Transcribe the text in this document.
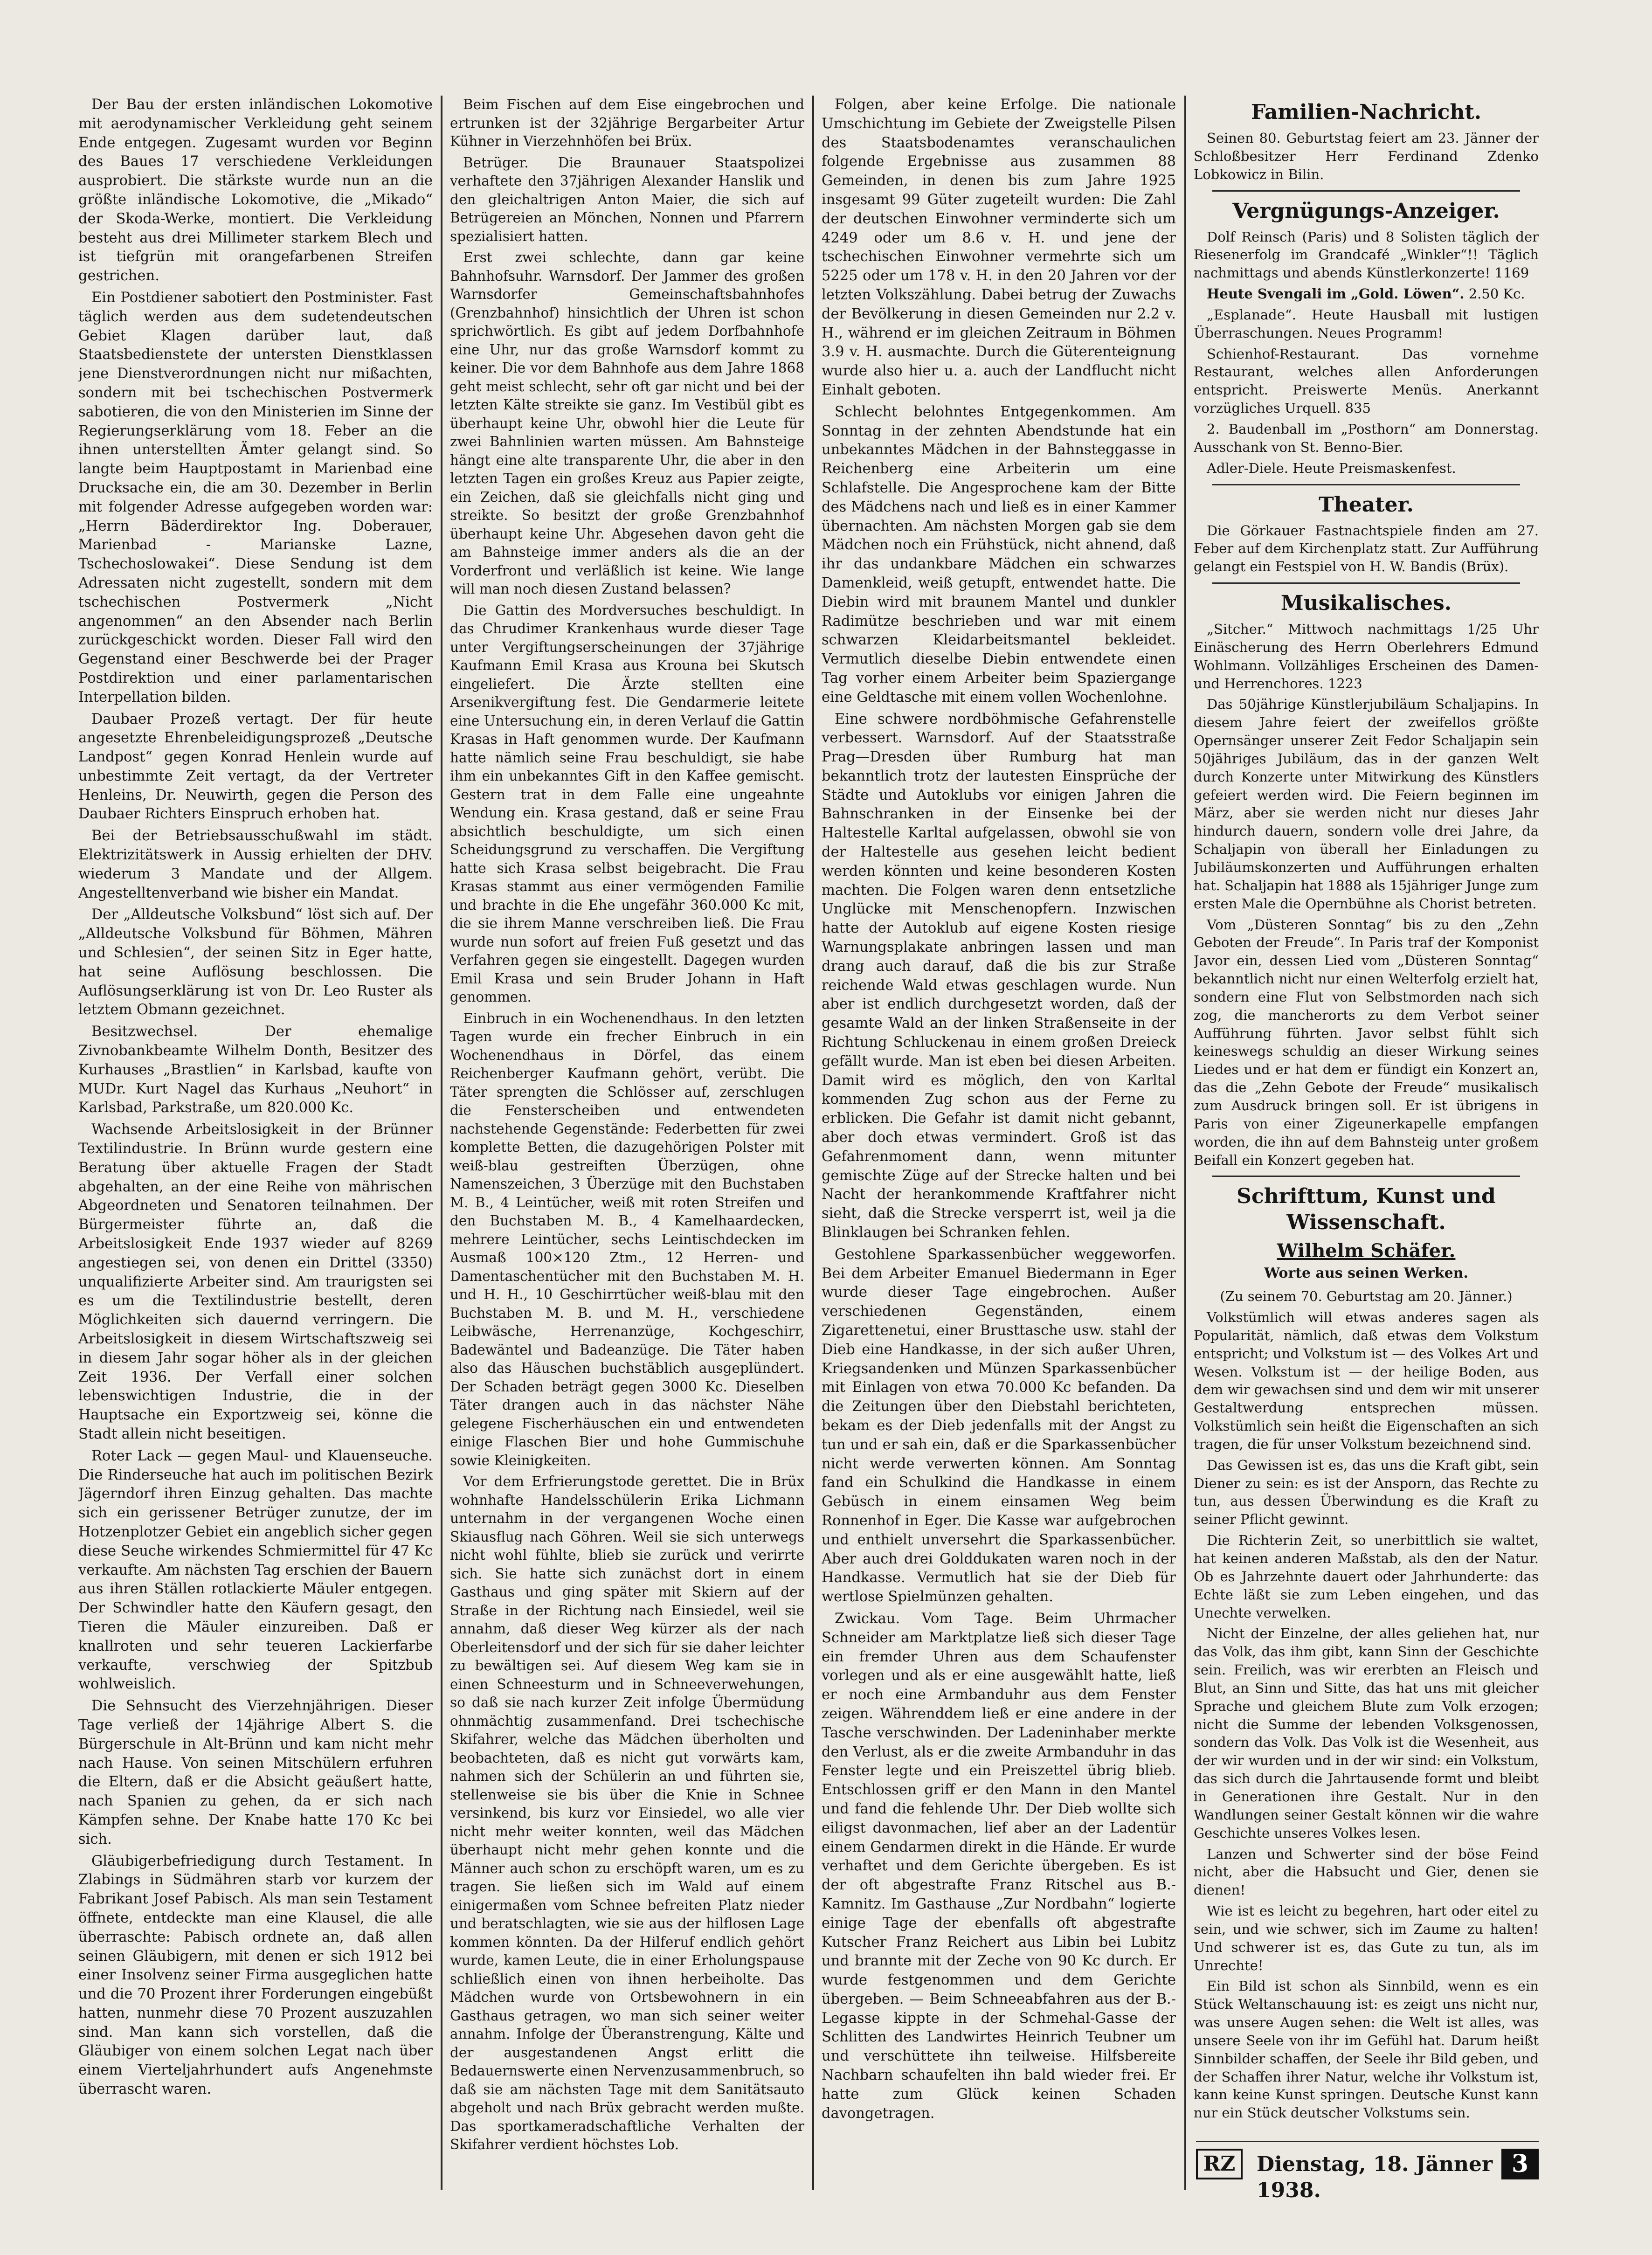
Der Bau der ersten inländischen Lokomotive mit aerodynamischer Verkleidung geht seinem Ende entgegen. Zugesamt wurden vor Beginn des Baues 17 verschiedene Verkleidungen ausprobiert. Die stärkste wurde nun an die größte inländische Lokomotive, die „Mikado“ der Skoda-Werke, montiert. Die Verkleidung besteht aus drei Millimeter starkem Blech und ist tiefgrün mit orangefarbenen Streifen gestrichen.

Ein Postdiener sabotiert den Postminister. Fast täglich werden aus dem sudetendeutschen Gebiet Klagen darüber laut, daß Staatsbedienstete der untersten Dienstklassen jene Dienstverordnungen nicht nur mißachten, sondern mit bei tschechischen Postvermerk sabotieren, die von den Ministerien im Sinne der Regierungserklärung vom 18. Feber an die ihnen unterstellten Ämter gelangt sind. So langte beim Hauptpostamt in Marienbad eine Drucksache ein, die am 30. Dezember in Berlin mit folgender Adresse aufgegeben worden war: „Herrn Bäderdirektor Ing. Doberauer, Marienbad - Marianske Lazne, Tschechoslowakei“. Diese Sendung ist dem Adressaten nicht zugestellt, sondern mit dem tschechischen Postvermerk „Nicht angenommen“ an den Absender nach Berlin zurückgeschickt worden. Dieser Fall wird den Gegenstand einer Beschwerde bei der Prager Postdirektion und einer parlamentarischen Interpellation bilden.

Daubaer Prozeß vertagt. Der für heute angesetzte Ehrenbeleidigungsprozeß „Deutsche Landpost“ gegen Konrad Henlein wurde auf unbestimmte Zeit vertagt, da der Vertreter Henleins, Dr. Neuwirth, gegen die Person des Daubaer Richters Einspruch erhoben hat.

Bei der Betriebsausschußwahl im städt. Elektrizitätswerk in Aussig erhielten der DHV. wiederum 3 Mandate und der Allgem. Angestelltenverband wie bisher ein Mandat.

Der „Alldeutsche Volksbund“ löst sich auf. Der „Alldeutsche Volksbund für Böhmen, Mähren und Schlesien“, der seinen Sitz in Eger hatte, hat seine Auflösung beschlossen. Die Auflösungserklärung ist von Dr. Leo Ruster als letztem Obmann gezeichnet.

Besitzwechsel. Der ehemalige Zivnobankbeamte Wilhelm Donth, Besitzer des Kurhauses „Brastlien“ in Karlsbad, kaufte von MUDr. Kurt Nagel das Kurhaus „Neuhort“ in Karlsbad, Parkstraße, um 820.000 Kc.

Wachsende Arbeitslosigkeit in der Brünner Textilindustrie. In Brünn wurde gestern eine Beratung über aktuelle Fragen der Stadt abgehalten, an der eine Reihe von mährischen Abgeordneten und Senatoren teilnahmen. Der Bürgermeister führte an, daß die Arbeitslosigkeit Ende 1937 wieder auf 8269 angestiegen sei, von denen ein Drittel (3350) unqualifizierte Arbeiter sind. Am traurigsten sei es um die Textilindustrie bestellt, deren Möglichkeiten sich dauernd verringern. Die Arbeitslosigkeit in diesem Wirtschaftszweig sei in diesem Jahr sogar höher als in der gleichen Zeit 1936. Der Verfall einer solchen lebenswichtigen Industrie, die in der Hauptsache ein Exportzweig sei, könne die Stadt allein nicht beseitigen.

Roter Lack — gegen Maul- und Klauenseuche. Die Rinderseuche hat auch im politischen Bezirk Jägerndorf ihren Einzug gehalten. Das machte sich ein gerissener Betrüger zunutze, der im Hotzenplotzer Gebiet ein angeblich sicher gegen diese Seuche wirkendes Schmiermittel für 47 Kc verkaufte. Am nächsten Tag erschien der Bauern aus ihren Ställen rotlackierte Mäuler entgegen. Der Schwindler hatte den Käufern gesagt, den Tieren die Mäuler einzureiben. Daß er knallroten und sehr teueren Lackierfarbe verkaufte, verschwieg der Spitzbub wohlweislich.

Die Sehnsucht des Vierzehnjährigen. Dieser Tage verließ der 14jährige Albert S. die Bürgerschule in Alt-Brünn und kam nicht mehr nach Hause. Von seinen Mitschülern erfuhren die Eltern, daß er die Absicht geäußert hatte, nach Spanien zu gehen, da er sich nach Kämpfen sehne. Der Knabe hatte 170 Kc bei sich.

Gläubigerbefriedigung durch Testament. In Zlabings in Südmähren starb vor kurzem der Fabrikant Josef Pabisch. Als man sein Testament öffnete, entdeckte man eine Klausel, die alle überraschte: Pabisch ordnete an, daß allen seinen Gläubigern, mit denen er sich 1912 bei einer Insolvenz seiner Firma ausgeglichen hatte und die 70 Prozent ihrer Forderungen eingebüßt hatten, nunmehr diese 70 Prozent auszuzahlen sind. Man kann sich vorstellen, daß die Gläubiger von einem solchen Legat nach über einem Vierteljahrhundert aufs Angenehmste überrascht waren.

Beim Fischen auf dem Eise eingebrochen und ertrunken ist der 32jährige Bergarbeiter Artur Kühner in Vierzehnhöfen bei Brüx.

Betrüger. Die Braunauer Staatspolizei verhaftete den 37jährigen Alexander Hanslik und den gleichaltrigen Anton Maier, die sich auf Betrügereien an Mönchen, Nonnen und Pfarrern spezialisiert hatten.

Erst zwei schlechte, dann gar keine Bahnhofsuhr. Warnsdorf. Der Jammer des großen Warnsdorfer Gemeinschaftsbahnhofes (Grenzbahnhof) hinsichtlich der Uhren ist schon sprichwörtlich. Es gibt auf jedem Dorfbahnhofe eine Uhr, nur das große Warnsdorf kommt zu keiner. Die vor dem Bahnhofe aus dem Jahre 1868 geht meist schlecht, sehr oft gar nicht und bei der letzten Kälte streikte sie ganz. Im Vestibül gibt es überhaupt keine Uhr, obwohl hier die Leute für zwei Bahnlinien warten müssen. Am Bahnsteige hängt eine alte transparente Uhr, die aber in den letzten Tagen ein großes Kreuz aus Papier zeigte, ein Zeichen, daß sie gleichfalls nicht ging und streikte. So besitzt der große Grenzbahnhof überhaupt keine Uhr. Abgesehen davon geht die am Bahnsteige immer anders als die an der Vorderfront und verläßlich ist keine. Wie lange will man noch diesen Zustand belassen?

Die Gattin des Mordversuches beschuldigt. In das Chrudimer Krankenhaus wurde dieser Tage unter Vergiftungserscheinungen der 37jährige Kaufmann Emil Krasa aus Krouna bei Skutsch eingeliefert. Die Ärzte stellten eine Arsenikvergiftung fest. Die Gendarmerie leitete eine Untersuchung ein, in deren Verlauf die Gattin Krasas in Haft genommen wurde. Der Kaufmann hatte nämlich seine Frau beschuldigt, sie habe ihm ein unbekanntes Gift in den Kaffee gemischt. Gestern trat in dem Falle eine ungeahnte Wendung ein. Krasa gestand, daß er seine Frau absichtlich beschuldigte, um sich einen Scheidungsgrund zu verschaffen. Die Vergiftung hatte sich Krasa selbst beigebracht. Die Frau Krasas stammt aus einer vermögenden Familie und brachte in die Ehe ungefähr 360.000 Kc mit, die sie ihrem Manne verschreiben ließ. Die Frau wurde nun sofort auf freien Fuß gesetzt und das Verfahren gegen sie eingestellt. Dagegen wurden Emil Krasa und sein Bruder Johann in Haft genommen.

Einbruch in ein Wochenendhaus. In den letzten Tagen wurde ein frecher Einbruch in ein Wochenendhaus in Dörfel, das einem Reichenberger Kaufmann gehört, verübt. Die Täter sprengten die Schlösser auf, zerschlugen die Fensterscheiben und entwendeten nachstehende Gegenstände: Federbetten für zwei komplette Betten, die dazugehörigen Polster mit weiß-blau gestreiften Überzügen, ohne Namenszeichen, 3 Überzüge mit den Buchstaben M. B., 4 Leintücher, weiß mit roten Streifen und den Buchstaben M. B., 4 Kamelhaardecken, mehrere Leintücher, sechs Leintischdecken im Ausmaß 100×120 Ztm., 12 Herren- und Damentaschentücher mit den Buchstaben M. H. und H. H., 10 Geschirrtücher weiß-blau mit den Buchstaben M. B. und M. H., verschiedene Leibwäsche, Herrenanzüge, Kochgeschirr, Badewäntel und Badeanzüge. Die Täter haben also das Häuschen buchstäblich ausgeplündert. Der Schaden beträgt gegen 3000 Kc. Dieselben Täter drangen auch in das nächster Nähe gelegene Fischerhäuschen ein und entwendeten einige Flaschen Bier und hohe Gummischuhe sowie Kleinigkeiten.

Vor dem Erfrierungstode gerettet. Die in Brüx wohnhafte Handelsschülerin Erika Lichmann unternahm in der vergangenen Woche einen Skiausflug nach Göhren. Weil sie sich unterwegs nicht wohl fühlte, blieb sie zurück und verirrte sich. Sie hatte sich zunächst dort in einem Gasthaus und ging später mit Skiern auf der Straße in der Richtung nach Einsiedel, weil sie annahm, daß dieser Weg kürzer als der nach Oberleitensdorf und der sich für sie daher leichter zu bewältigen sei. Auf diesem Weg kam sie in einen Schneesturm und in Schneeverwehungen, so daß sie nach kurzer Zeit infolge Übermüdung ohnmächtig zusammenfand. Drei tschechische Skifahrer, welche das Mädchen überholten und beobachteten, daß es nicht gut vorwärts kam, nahmen sich der Schülerin an und führten sie, stellenweise sie bis über die Knie in Schnee versinkend, bis kurz vor Einsiedel, wo alle vier nicht mehr weiter konnten, weil das Mädchen überhaupt nicht mehr gehen konnte und die Männer auch schon zu erschöpft waren, um es zu tragen. Sie ließen sich im Wald auf einem einigermaßen vom Schnee befreiten Platz nieder und beratschlagten, wie sie aus der hilflosen Lage kommen könnten. Da der Hilferuf endlich gehört wurde, kamen Leute, die in einer Erholungspause schließlich einen von ihnen herbeiholte. Das Mädchen wurde von Ortsbewohnern in ein Gasthaus getragen, wo man sich seiner weiter annahm. Infolge der Überanstrengung, Kälte und der ausgestandenen Angst erlitt die Bedauernswerte einen Nervenzusammenbruch, so daß sie am nächsten Tage mit dem Sanitätsauto abgeholt und nach Brüx gebracht werden mußte. Das sportkameradschaftliche Verhalten der Skifahrer verdient höchstes Lob.

Folgen, aber keine Erfolge. Die nationale Umschichtung im Gebiete der Zweigstelle Pilsen des Staatsbodenamtes veranschaulichen folgende Ergebnisse aus zusammen 88 Gemeinden, in denen bis zum Jahre 1925 insgesamt 99 Güter zugeteilt wurden: Die Zahl der deutschen Einwohner verminderte sich um 4249 oder um 8.6 v. H. und jene der tschechischen Einwohner vermehrte sich um 5225 oder um 178 v. H. in den 20 Jahren vor der letzten Volkszählung. Dabei betrug der Zuwachs der Bevölkerung in diesen Gemeinden nur 2.2 v. H., während er im gleichen Zeitraum in Böhmen 3.9 v. H. ausmachte. Durch die Güterenteignung wurde also hier u. a. auch der Landflucht nicht Einhalt geboten.

Schlecht belohntes Entgegenkommen. Am Sonntag in der zehnten Abendstunde hat ein unbekanntes Mädchen in der Bahnsteggasse in Reichenberg eine Arbeiterin um eine Schlafstelle. Die Angesprochene kam der Bitte des Mädchens nach und ließ es in einer Kammer übernachten. Am nächsten Morgen gab sie dem Mädchen noch ein Frühstück, nicht ahnend, daß ihr das undankbare Mädchen ein schwarzes Damenkleid, weiß getupft, entwendet hatte. Die Diebin wird mit braunem Mantel und dunkler Radimütze beschrieben und war mit einem schwarzen Kleidarbeitsmantel bekleidet. Vermutlich dieselbe Diebin entwendete einen Tag vorher einem Arbeiter beim Spaziergange eine Geldtasche mit einem vollen Wochenlohne.

Eine schwere nordböhmische Gefahrenstelle verbessert. Warnsdorf. Auf der Staatsstraße Prag—Dresden über Rumburg hat man bekanntlich trotz der lautesten Einsprüche der Städte und Autoklubs vor einigen Jahren die Bahnschranken in der Einsenke bei der Haltestelle Karltal aufgelassen, obwohl sie von der Haltestelle aus gesehen leicht bedient werden könnten und keine besonderen Kosten machten. Die Folgen waren denn entsetzliche Unglücke mit Menschenopfern. Inzwischen hatte der Autoklub auf eigene Kosten riesige Warnungsplakate anbringen lassen und man drang auch darauf, daß die bis zur Straße reichende Wald etwas geschlagen wurde. Nun aber ist endlich durchgesetzt worden, daß der gesamte Wald an der linken Straßenseite in der Richtung Schluckenau in einem großen Dreieck gefällt wurde. Man ist eben bei diesen Arbeiten. Damit wird es möglich, den von Karltal kommenden Zug schon aus der Ferne zu erblicken. Die Gefahr ist damit nicht gebannt, aber doch etwas vermindert. Groß ist das Gefahrenmoment dann, wenn mitunter gemischte Züge auf der Strecke halten und bei Nacht der herankommende Kraftfahrer nicht sieht, daß die Strecke versperrt ist, weil ja die Blinklaugen bei Schranken fehlen.

Gestohlene Sparkassenbücher weggeworfen. Bei dem Arbeiter Emanuel Biedermann in Eger wurde dieser Tage eingebrochen. Außer verschiedenen Gegenständen, einem Zigarettenetui, einer Brusttasche usw. stahl der Dieb eine Handkasse, in der sich außer Uhren, Kriegsandenken und Münzen Sparkassenbücher mit Einlagen von etwa 70.000 Kc befanden. Da die Zeitungen über den Diebstahl berichteten, bekam es der Dieb jedenfalls mit der Angst zu tun und er sah ein, daß er die Sparkassenbücher nicht werde verwerten können. Am Sonntag fand ein Schulkind die Handkasse in einem Gebüsch in einem einsamen Weg beim Ronnenhof in Eger. Die Kasse war aufgebrochen und enthielt unversehrt die Sparkassenbücher. Aber auch drei Golddukaten waren noch in der Handkasse. Vermutlich hat sie der Dieb für wertlose Spielmünzen gehalten.

Zwickau. Vom Tage. Beim Uhrmacher Schneider am Marktplatze ließ sich dieser Tage ein fremder Uhren aus dem Schaufenster vorlegen und als er eine ausgewählt hatte, ließ er noch eine Armbanduhr aus dem Fenster zeigen. Währenddem ließ er eine andere in der Tasche verschwinden. Der Ladeninhaber merkte den Verlust, als er die zweite Armbanduhr in das Fenster legte und ein Preiszettel übrig blieb. Entschlossen griff er den Mann in den Mantel und fand die fehlende Uhr. Der Dieb wollte sich eiligst davonmachen, lief aber an der Ladentür einem Gendarmen direkt in die Hände. Er wurde verhaftet und dem Gerichte übergeben. Es ist der oft abgestrafte Franz Ritschel aus B.-Kamnitz. Im Gasthause „Zur Nordbahn“ logierte einige Tage der ebenfalls oft abgestrafte Kutscher Franz Reichert aus Libin bei Lubitz und brannte mit der Zeche von 90 Kc durch. Er wurde festgenommen und dem Gerichte übergeben. — Beim Schneeabfahren aus der B.-Legasse kippte in der Schmehal-Gasse der Schlitten des Landwirtes Heinrich Teubner um und verschüttete ihn teilweise. Hilfsbereite Nachbarn schaufelten ihn bald wieder frei. Er hatte zum Glück keinen Schaden davongetragen.

Familien-Nachricht.

Seinen 80. Geburtstag feiert am 23. Jänner der Schloßbesitzer Herr Ferdinand Zdenko Lobkowicz in Bilin.

Vergnügungs-Anzeiger.

Dolf Reinsch (Paris) und 8 Solisten täglich der Riesenerfolg im Grandcafé „Winkler“!! Täglich nachmittags und abends Künstlerkonzerte! 1169

Heute Svengali im „Gold. Löwen“. 2.50 Kc.

„Esplanade“. Heute Hausball mit lustigen Überraschungen. Neues Programm!

Schienhof-Restaurant. Das vornehme Restaurant, welches allen Anforderungen entspricht. Preiswerte Menüs. Anerkannt vorzügliches Urquell. 835

2. Baudenball im „Posthorn“ am Donnerstag. Ausschank von St. Benno-Bier.

Adler-Diele. Heute Preismaskenfest.

Theater.

Die Görkauer Fastnachtspiele finden am 27. Feber auf dem Kirchenplatz statt. Zur Aufführung gelangt ein Festspiel von H. W. Bandis (Brüx).

Musikalisches.

„Sitcher.“ Mittwoch nachmittags 1/25 Uhr Einäscherung des Herrn Oberlehrers Edmund Wohlmann. Vollzähliges Erscheinen des Damen- und Herrenchores. 1223

Das 50jährige Künstlerjubiläum Schaljapins. In diesem Jahre feiert der zweifellos größte Opernsänger unserer Zeit Fedor Schaljapin sein 50jähriges Jubiläum, das in der ganzen Welt durch Konzerte unter Mitwirkung des Künstlers gefeiert werden wird. Die Feiern beginnen im März, aber sie werden nicht nur dieses Jahr hindurch dauern, sondern volle drei Jahre, da Schaljapin von überall her Einladungen zu Jubiläumskonzerten und Aufführungen erhalten hat. Schaljapin hat 1888 als 15jähriger Junge zum ersten Male die Opernbühne als Chorist betreten.

Vom „Düsteren Sonntag“ bis zu den „Zehn Geboten der Freude“. In Paris traf der Komponist Javor ein, dessen Lied vom „Düsteren Sonntag“ bekanntlich nicht nur einen Welterfolg erzielt hat, sondern eine Flut von Selbstmorden nach sich zog, die mancherorts zu dem Verbot seiner Aufführung führten. Javor selbst fühlt sich keineswegs schuldig an dieser Wirkung seines Liedes und er hat dem er fündigt ein Konzert an, das die „Zehn Gebote der Freude“ musikalisch zum Ausdruck bringen soll. Er ist übrigens in Paris von einer Zigeunerkapelle empfangen worden, die ihn auf dem Bahnsteig unter großem Beifall ein Konzert gegeben hat.

Schrifttum, Kunst und Wissenschaft.
Wilhelm Schäfer.
Worte aus seinen Werken.

(Zu seinem 70. Geburtstag am 20. Jänner.)

Volkstümlich will etwas anderes sagen als Popularität, nämlich, daß etwas dem Volkstum entspricht; und Volkstum ist — des Volkes Art und Wesen. Volkstum ist — der heilige Boden, aus dem wir gewachsen sind und dem wir mit unserer Gestaltwerdung entsprechen müssen. Volkstümlich sein heißt die Eigenschaften an sich tragen, die für unser Volkstum bezeichnend sind.

Das Gewissen ist es, das uns die Kraft gibt, sein Diener zu sein: es ist der Ansporn, das Rechte zu tun, aus dessen Überwindung es die Kraft zu seiner Pflicht gewinnt.

Die Richterin Zeit, so unerbittlich sie waltet, hat keinen anderen Maßstab, als den der Natur. Ob es Jahrzehnte dauert oder Jahrhunderte: das Echte läßt sie zum Leben eingehen, und das Unechte verwelken.

Nicht der Einzelne, der alles geliehen hat, nur das Volk, das ihm gibt, kann Sinn der Geschichte sein. Freilich, was wir ererbten an Fleisch und Blut, an Sinn und Sitte, das hat uns mit gleicher Sprache und gleichem Blute zum Volk erzogen; nicht die Summe der lebenden Volksgenossen, sondern das Volk. Das Volk ist die Wesenheit, aus der wir wurden und in der wir sind: ein Volkstum, das sich durch die Jahrtausende formt und bleibt in Generationen ihre Gestalt. Nur in den Wandlungen seiner Gestalt können wir die wahre Geschichte unseres Volkes lesen.

Lanzen und Schwerter sind der böse Feind nicht, aber die Habsucht und Gier, denen sie dienen!

Wie ist es leicht zu begehren, hart oder eitel zu sein, und wie schwer, sich im Zaume zu halten! Und schwerer ist es, das Gute zu tun, als im Unrechte!

Ein Bild ist schon als Sinnbild, wenn es ein Stück Weltanschauung ist: es zeigt uns nicht nur, was unsere Augen sehen: die Welt ist alles, was unsere Seele von ihr im Gefühl hat. Darum heißt Sinnbilder schaffen, der Seele ihr Bild geben, und der Schaffen ihrer Natur, welche ihr Volkstum ist, kann keine Kunst springen. Deutsche Kunst kann nur ein Stück deutscher Volkstums sein.

RZ	Dienstag, 18. Jänner 1938.
3
